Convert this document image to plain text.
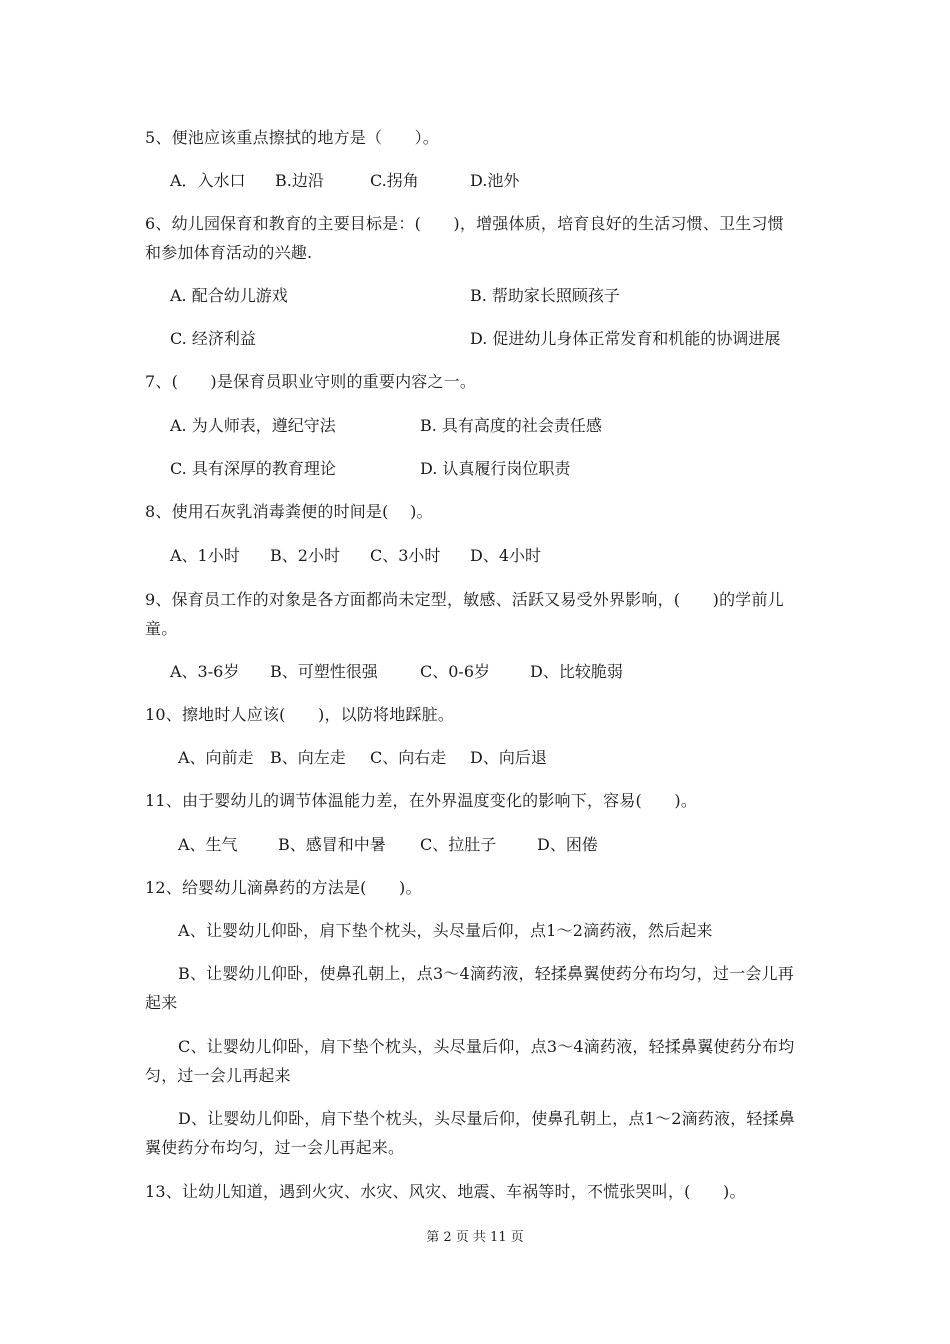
5、便池应该重点擦拭的地方是（　　）。
A．入水口 B.边沿	C.拐角	D.池外
6、幼儿园保育和教育的主要目标是：(　　)，增强体质，培育良好的生活习惯、卫生习惯
和参加体育活动的兴趣.
A. 配合幼儿游戏	B. 帮助家长照顾孩子
C. 经济利益	D. 促进幼儿身体正常发育和机能的协调进展
7、(　　)是保育员职业守则的重要内容之一。
A. 为人师表，遵纪守法	B. 具有高度的社会责任感
C. 具有深厚的教育理论	D. 认真履行岗位职责
8、使用石灰乳消毒粪便的时间是(　 )。
A、1小时 B、2小时 C、3小时 D、4小时
9、保育员工作的对象是各方面都尚未定型，敏感、活跃又易受外界影响，(　　)的学前儿
童。
A、3-6岁 B、可塑性很强	C、0-6岁 D、比较脆弱
10、擦地时人应该(　　)，以防将地踩脏。
A、向前走 B、向左走 C、向右走 D、向后退
11、由于婴幼儿的调节体温能力差，在外界温度变化的影响下，容易(　　)。
A、生气	B、感冒和中暑 C、拉肚子	D、困倦
12、给婴幼儿滴鼻药的方法是(　　)。
A、让婴幼儿仰卧，肩下垫个枕头，头尽量后仰，点1～2滴药液，然后起来
B、让婴幼儿仰卧，使鼻孔朝上，点3～4滴药液，轻揉鼻翼使药分布均匀，过一会儿再
起来
C、让婴幼儿仰卧，肩下垫个枕头，头尽量后仰，点3～4滴药液，轻揉鼻翼使药分布均
匀，过一会儿再起来
D、让婴幼儿仰卧，肩下垫个枕头，头尽量后仰，使鼻孔朝上，点1～2滴药液，轻揉鼻
翼使药分布均匀，过一会儿再起来。
13、让幼儿知道，遇到火灾、水灾、风灾、地震、车祸等时，不慌张哭叫，(　　)。
第 2 页 共 11 页
